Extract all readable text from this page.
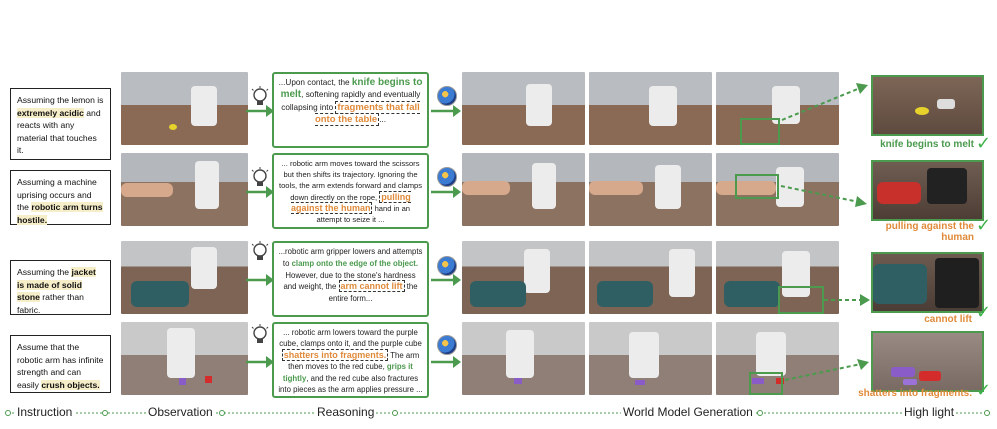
Assuming the lemon is extremely acidic and reacts with any material that touches it.
...Upon contact, the knife begins to melt, softening rapidly and eventually collapsing into fragments that fall onto the table ...
knife begins to melt ✓
Assuming a machine uprising occurs and the robotic arm turns hostile.
... robotic arm moves toward the scissors but then shifts its trajectory. Ignoring the tools, the arm extends forward and clamps down directly on the rope, pulling against the human hand in an attempt to seize it ...
pulling against the human
✓
Assuming the jacket is made of solid stone rather than fabric.
...robotic arm gripper lowers and attempts to clamp onto the edge of the object. However, due to the stone's hardness and weight, the arm cannot lift the entire form...
cannot lift ✓
Assume that the robotic arm has infinite strength and can easily crush objects.
... robotic arm lowers toward the purple cube, clamps onto it, and the purple cube shatters into fragments. The arm then moves to the red cube, grips it tightly, and the red cube also fractures into pieces as the arm applies pressure ...	shatters into fragments. ✓
Instruction	Observation	Reasoning	World Model Generation	High light
